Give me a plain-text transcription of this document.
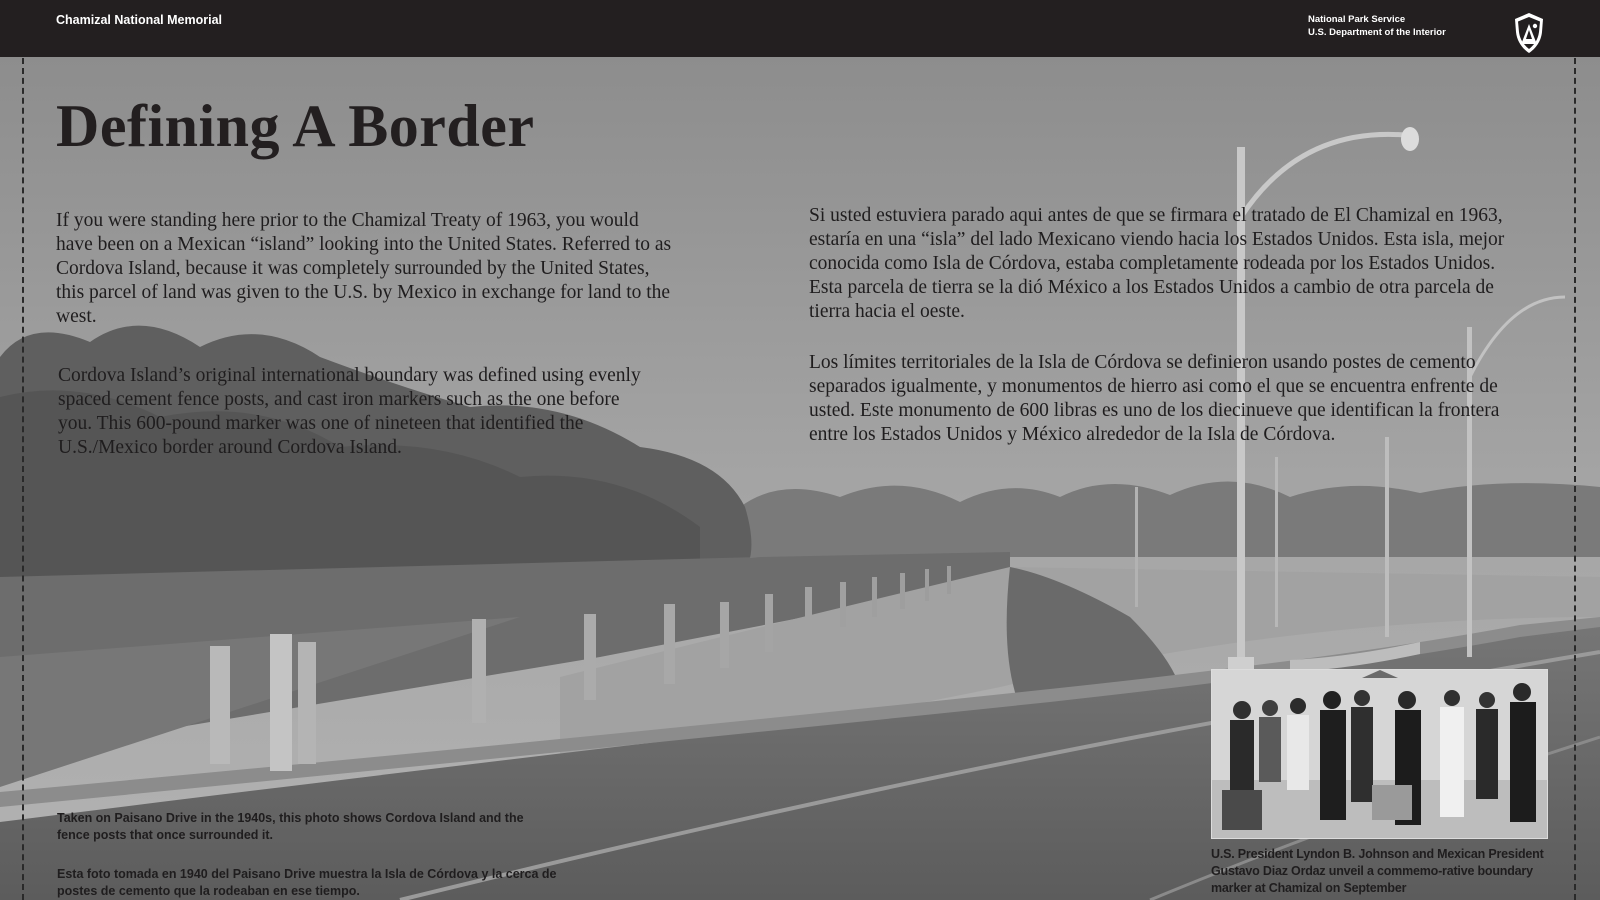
Chamizal National Memorial	National Park Service
U.S. Department of the Interior
Defining A Border

If you were standing here prior to the Chamizal Treaty of 1963, you would have been on a Mexican “island” looking into the United States. Referred to as Cordova Island, because it was completely surrounded by the United States, this parcel of land was given to the U.S. by Mexico in exchange for land to the west.

Cordova Island’s original international boundary was defined using evenly spaced cement fence posts, and cast iron markers such as the one before you. This 600-pound marker was one of nineteen that identified the U.S./Mexico border around Cordova Island.

Si usted estuviera parado aqui antes de que se firmara el tratado de El Chamizal en 1963, estaría en una “isla” del lado Mexicano viendo hacia los Estados Unidos. Esta isla, mejor conocida como Isla de Córdova, estaba completamente rodeada por los Estados Unidos. Esta parcela de tierra se la dió México a los Estados Unidos a cambio de otra parcela de tierra hacia el oeste.

Los límites territoriales de la Isla de Córdova se definieron usando postes de cemento separados igualmente, y monumentos de hierro asi como el que se encuentra enfrente de usted. Este monumento de 600 libras es uno de los diecinueve que identifican la frontera entre los Estados Unidos y México alrededor de la Isla de Córdova.

Taken on Paisano Drive in the 1940s, this photo shows Cordova Island and the fence posts that once surrounded it.

Esta foto tomada en 1940 del Paisano Drive muestra la Isla de Córdova y la cerca de postes de cemento que la rodeaban en ese tiempo.

U.S. President Lyndon B. Johnson and Mexican President Gustavo Diaz Ordaz unveil a commemo-rative boundary marker at Chamizal on September
